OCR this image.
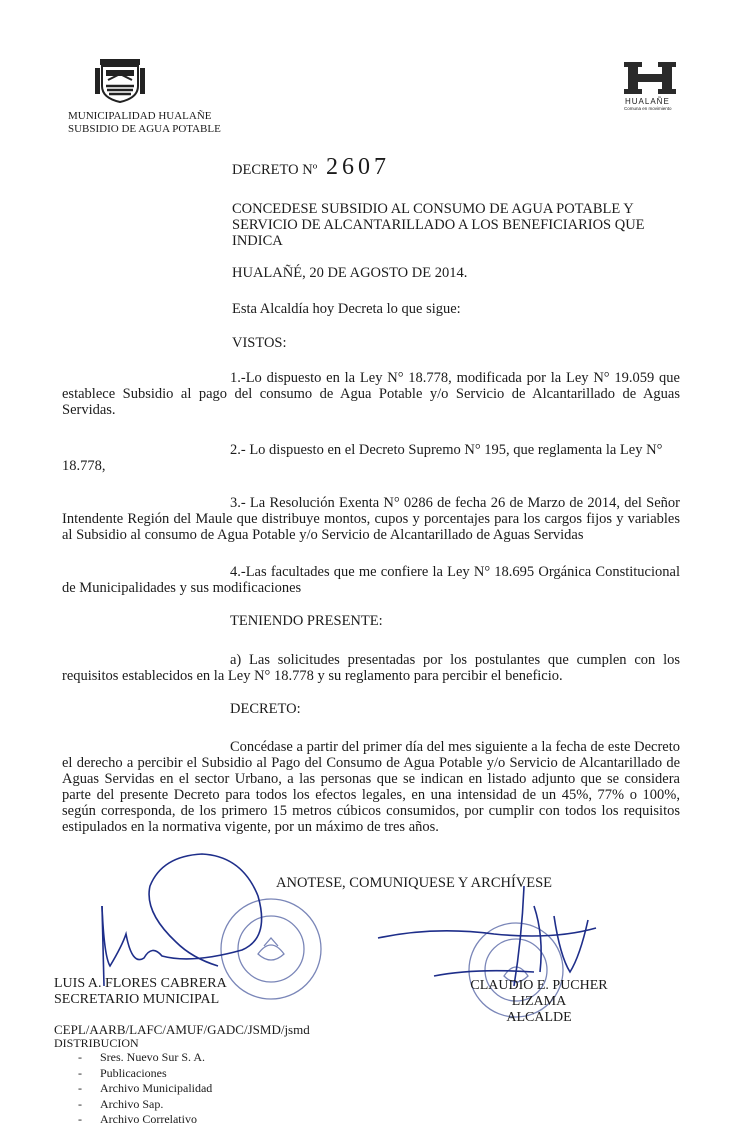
MUNICIPALIDAD HUALAÑE
SUBSIDIO DE AGUA POTABLE
HUALAÑE
Comuna en movimiento
DECRETO Nº 2607
CONCEDESE SUBSIDIO AL CONSUMO DE AGUA POTABLE Y
SERVICIO DE ALCANTARILLADO A LOS BENEFICIARIOS QUE
INDICA
HUALAÑÉ, 20 DE AGOSTO DE 2014.
Esta Alcaldía hoy Decreta lo que sigue:
VISTOS:
1.-Lo dispuesto en la Ley N° 18.778, modificada por la Ley N° 19.059 que establece Subsidio al pago del consumo de Agua Potable y/o Servicio de Alcantarillado de Aguas Servidas.
2.- Lo dispuesto en el Decreto Supremo N° 195, que reglamenta la Ley N°
18.778,
3.- La Resolución Exenta N° 0286 de fecha 26 de Marzo de 2014, del Señor Intendente Región del Maule que distribuye montos, cupos y porcentajes para los cargos fijos y variables al Subsidio al consumo de Agua Potable y/o Servicio de Alcantarillado de Aguas Servidas
4.-Las facultades que me confiere la Ley N° 18.695 Orgánica Constitucional de Municipalidades y sus modificaciones
TENIENDO PRESENTE:
a) Las solicitudes presentadas por los postulantes que cumplen con los requisitos establecidos en la Ley N° 18.778 y su reglamento para percibir el beneficio.
DECRETO:
Concédase a partir del primer día del mes siguiente a la fecha de este Decreto el derecho a percibir el Subsidio al Pago del Consumo de Agua Potable y/o Servicio de Alcantarillado de Aguas Servidas en el sector Urbano, a las personas que se indican en listado adjunto que se considera parte del presente Decreto para todos los efectos legales, en una intensidad de un 45%, 77% o 100%, según corresponda, de los primero 15 metros cúbicos consumidos, por cumplir con todos los requisitos estipulados en la normativa vigente, por un máximo de tres años.
ANOTESE, COMUNIQUESE Y ARCHÍVESE
LUIS A. FLORES CABRERA
SECRETARIO MUNICIPAL
CLAUDIO E. PUCHER LIZAMA
ALCALDE
CEPL/AARB/LAFC/AMUF/GADC/JSMD/jsmd
DISTRIBUCION
- Sres. Nuevo Sur S. A.
- Publicaciones
- Archivo Municipalidad
- Archivo Sap.
- Archivo Correlativo
